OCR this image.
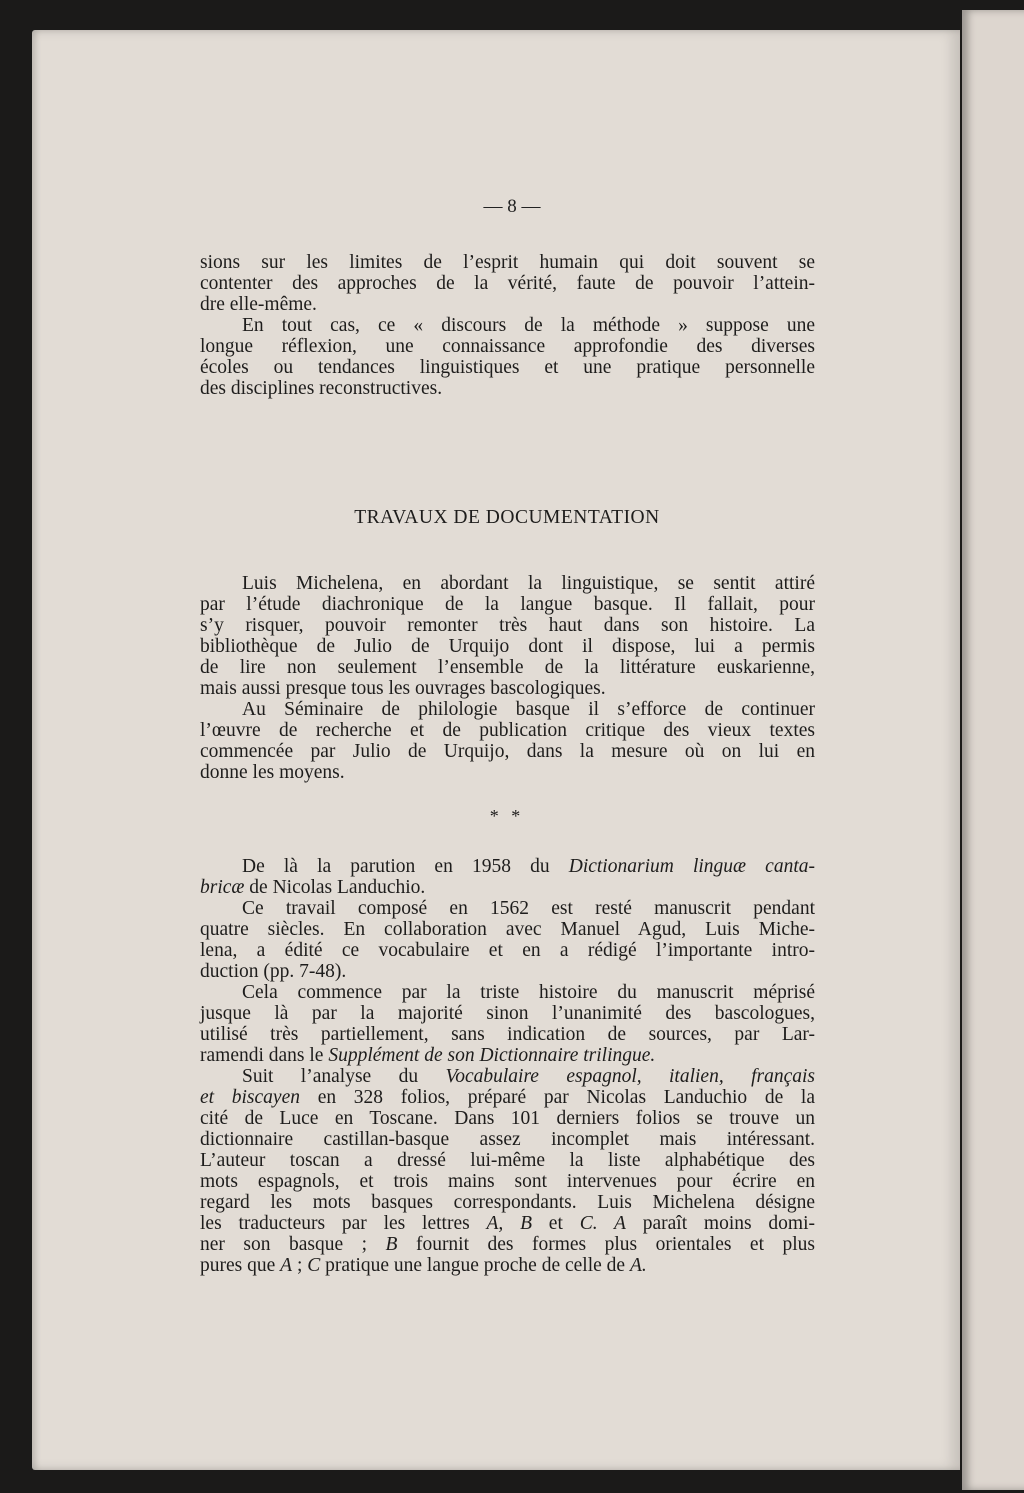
— 8 —
TRAVAUX DE DOCUMENTATION
* *
sions sur les limites de l’esprit humain qui doit souvent se
contenter des approches de la vérité, faute de pouvoir l’attein-
dre elle-même.
En tout cas, ce « discours de la méthode » suppose une
longue réflexion, une connaissance approfondie des diverses
écoles ou tendances linguistiques et une pratique personnelle
des disciplines reconstructives.
Luis Michelena, en abordant la linguistique, se sentit attiré
par l’étude diachronique de la langue basque. Il fallait, pour
s’y risquer, pouvoir remonter très haut dans son histoire. La
bibliothèque de Julio de Urquijo dont il dispose, lui a permis
de lire non seulement l’ensemble de la littérature euskarienne,
mais aussi presque tous les ouvrages bascologiques.
Au Séminaire de philologie basque il s’efforce de continuer
l’œuvre de recherche et de publication critique des vieux textes
commencée par Julio de Urquijo, dans la mesure où on lui en
donne les moyens.
De là la parution en 1958 du Dictionarium linguæ canta-
bricæ de Nicolas Landuchio.
Ce travail composé en 1562 est resté manuscrit pendant
quatre siècles. En collaboration avec Manuel Agud, Luis Miche-
lena, a édité ce vocabulaire et en a rédigé l’importante intro-
duction (pp. 7-48).
Cela commence par la triste histoire du manuscrit méprisé
jusque là par la majorité sinon l’unanimité des bascologues,
utilisé très partiellement, sans indication de sources, par Lar-
ramendi dans le Supplément de son Dictionnaire trilingue.
Suit l’analyse du Vocabulaire espagnol, italien, français
et biscayen en 328 folios, préparé par Nicolas Landuchio de la
cité de Luce en Toscane. Dans 101 derniers folios se trouve un
dictionnaire castillan-basque assez incomplet mais intéressant.
L’auteur toscan a dressé lui-même la liste alphabétique des
mots espagnols, et trois mains sont intervenues pour écrire en
regard les mots basques correspondants. Luis Michelena désigne
les traducteurs par les lettres A, B et C. A paraît moins domi-
ner son basque ; B fournit des formes plus orientales et plus
pures que A ; C pratique une langue proche de celle de A.
